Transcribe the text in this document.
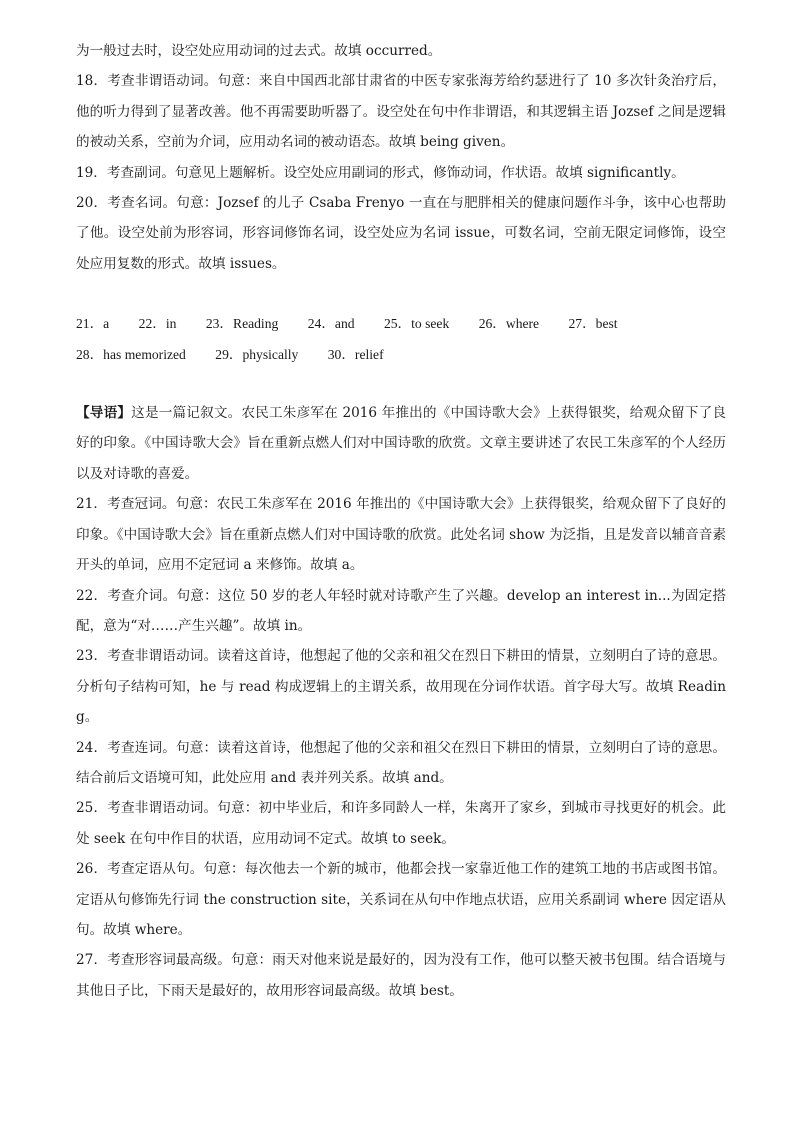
为一般过去时，设空处应用动词的过去式。故填 occurred。

18．考查非谓语动词。句意：来自中国西北部甘肃省的中医专家张海芳给约瑟进行了 10 多次针灸治疗后，他的听力得到了显著改善。他不再需要助听器了。设空处在句中作非谓语，和其逻辑主语 Jozsef 之间是逻辑的被动关系，空前为介词，应用动名词的被动语态。故填 being given。

19．考查副词。句意见上题解析。设空处应用副词的形式，修饰动词，作状语。故填 significantly。

20．考查名词。句意：Jozsef 的儿子 Csaba Frenyo 一直在与肥胖相关的健康问题作斗争，该中心也帮助了他。设空处前为形容词，形容词修饰名词，设空处应为名词 issue，可数名词，空前无限定词修饰，设空处应用复数的形式。故填 issues。

21．a 22．in 23．Reading 24．and 25．to seek 26．where 27．best 28．has memorized 29．physically 30．relief

【导语】这是一篇记叙文。农民工朱彦军在 2016 年推出的《中国诗歌大会》上获得银奖，给观众留下了良好的印象。《中国诗歌大会》旨在重新点燃人们对中国诗歌的欣赏。文章主要讲述了农民工朱彦军的个人经历以及对诗歌的喜爱。

21．考查冠词。句意：农民工朱彦军在 2016 年推出的《中国诗歌大会》上获得银奖，给观众留下了良好的印象。《中国诗歌大会》旨在重新点燃人们对中国诗歌的欣赏。此处名词 show 为泛指，且是发音以辅音音素开头的单词，应用不定冠词 a 来修饰。故填 a。

22．考查介词。句意：这位 50 岁的老人年轻时就对诗歌产生了兴趣。develop an interest in...为固定搭配，意为“对……产生兴趣”。故填 in。

23．考查非谓语动词。读着这首诗，他想起了他的父亲和祖父在烈日下耕田的情景，立刻明白了诗的意思。分析句子结构可知，he 与 read 构成逻辑上的主谓关系，故用现在分词作状语。首字母大写。故填 Reading。

24．考查连词。句意：读着这首诗，他想起了他的父亲和祖父在烈日下耕田的情景，立刻明白了诗的意思。结合前后文语境可知，此处应用 and 表并列关系。故填 and。

25．考查非谓语动词。句意：初中毕业后，和许多同龄人一样，朱离开了家乡，到城市寻找更好的机会。此处 seek 在句中作目的状语，应用动词不定式。故填 to seek。

26．考查定语从句。句意：每次他去一个新的城市，他都会找一家靠近他工作的建筑工地的书店或图书馆。定语从句修饰先行词 the construction site，关系词在从句中作地点状语，应用关系副词 where 因定语从句。故填 where。

27．考查形容词最高级。句意：雨天对他来说是最好的，因为没有工作，他可以整天被书包围。结合语境与其他日子比，下雨天是最好的，故用形容词最高级。故填 best。
